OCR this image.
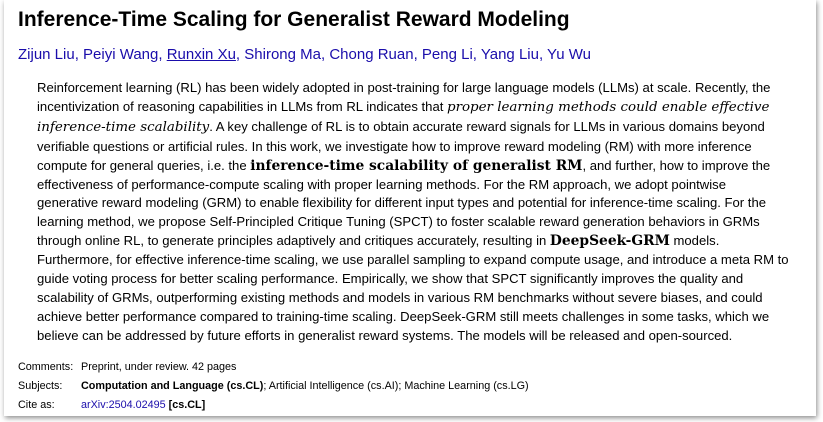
Inference-Time Scaling for Generalist Reward Modeling
Zijun Liu, Peiyi Wang, Runxin Xu, Shirong Ma, Chong Ruan, Peng Li, Yang Liu, Yu Wu

Reinforcement learning (RL) has been widely adopted in post-training for large language models (LLMs) at scale. Recently, the incentivization of reasoning capabilities in LLMs from RL indicates that proper learning methods could enable effective inference-time scalability. A key challenge of RL is to obtain accurate reward signals for LLMs in various domains beyond verifiable questions or artificial rules. In this work, we investigate how to improve reward modeling (RM) with more inference compute for general queries, i.e. the inference-time scalability of generalist RM, and further, how to improve the effectiveness of performance-compute scaling with proper learning methods. For the RM approach, we adopt pointwise generative reward modeling (GRM) to enable flexibility for different input types and potential for inference-time scaling. For the learning method, we propose Self-Principled Critique Tuning (SPCT) to foster scalable reward generation behaviors in GRMs through online RL, to generate principles adaptively and critiques accurately, resulting in DeepSeek-GRM models. Furthermore, for effective inference-time scaling, we use parallel sampling to expand compute usage, and introduce a meta RM to guide voting process for better scaling performance. Empirically, we show that SPCT significantly improves the quality and scalability of GRMs, outperforming existing methods and models in various RM benchmarks without severe biases, and could achieve better performance compared to training-time scaling. DeepSeek-GRM still meets challenges in some tasks, which we believe can be addressed by future efforts in generalist reward systems. The models will be released and open-sourced.

Comments: Preprint, under review. 42 pages
Subjects:	Computation and Language (cs.CL); Artificial Intelligence (cs.AI); Machine Learning (cs.LG)
Cite as:	arXiv:2504.02495 [cs.CL]
